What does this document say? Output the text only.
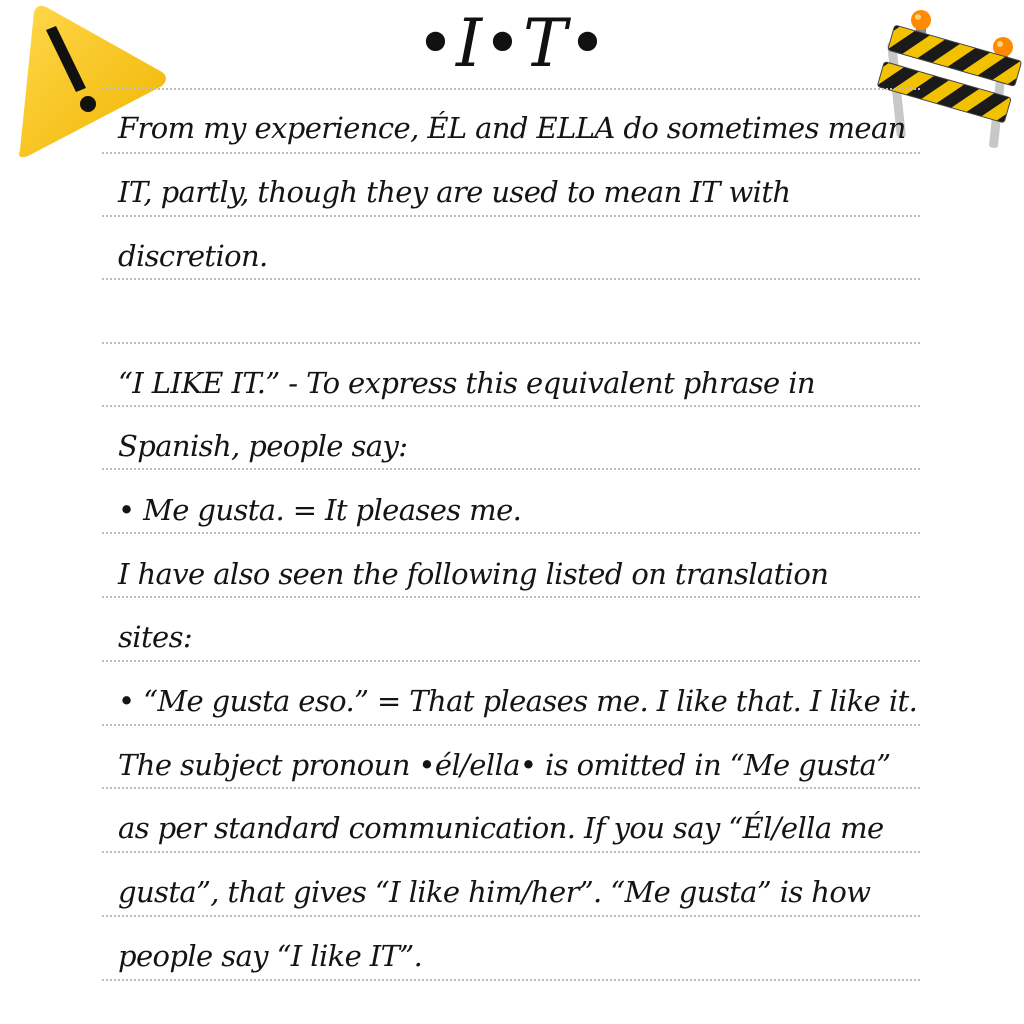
•I•T•
From my experience, ÉL and ELLA do sometimes mean
IT, partly, though they are used to mean IT with
discretion.
“I LIKE IT.” - To express this equivalent phrase in
Spanish, people say:
• Me gusta. = It pleases me.
I have also seen the following listed on translation
sites:
• “Me gusta eso.” = That pleases me. I like that. I like it.
The subject pronoun •él/ella• is omitted in “Me gusta”
as per standard communication. If you say “Él/ella me
gusta”, that gives “I like him/her”. “Me gusta” is how
people say “I like IT”.
